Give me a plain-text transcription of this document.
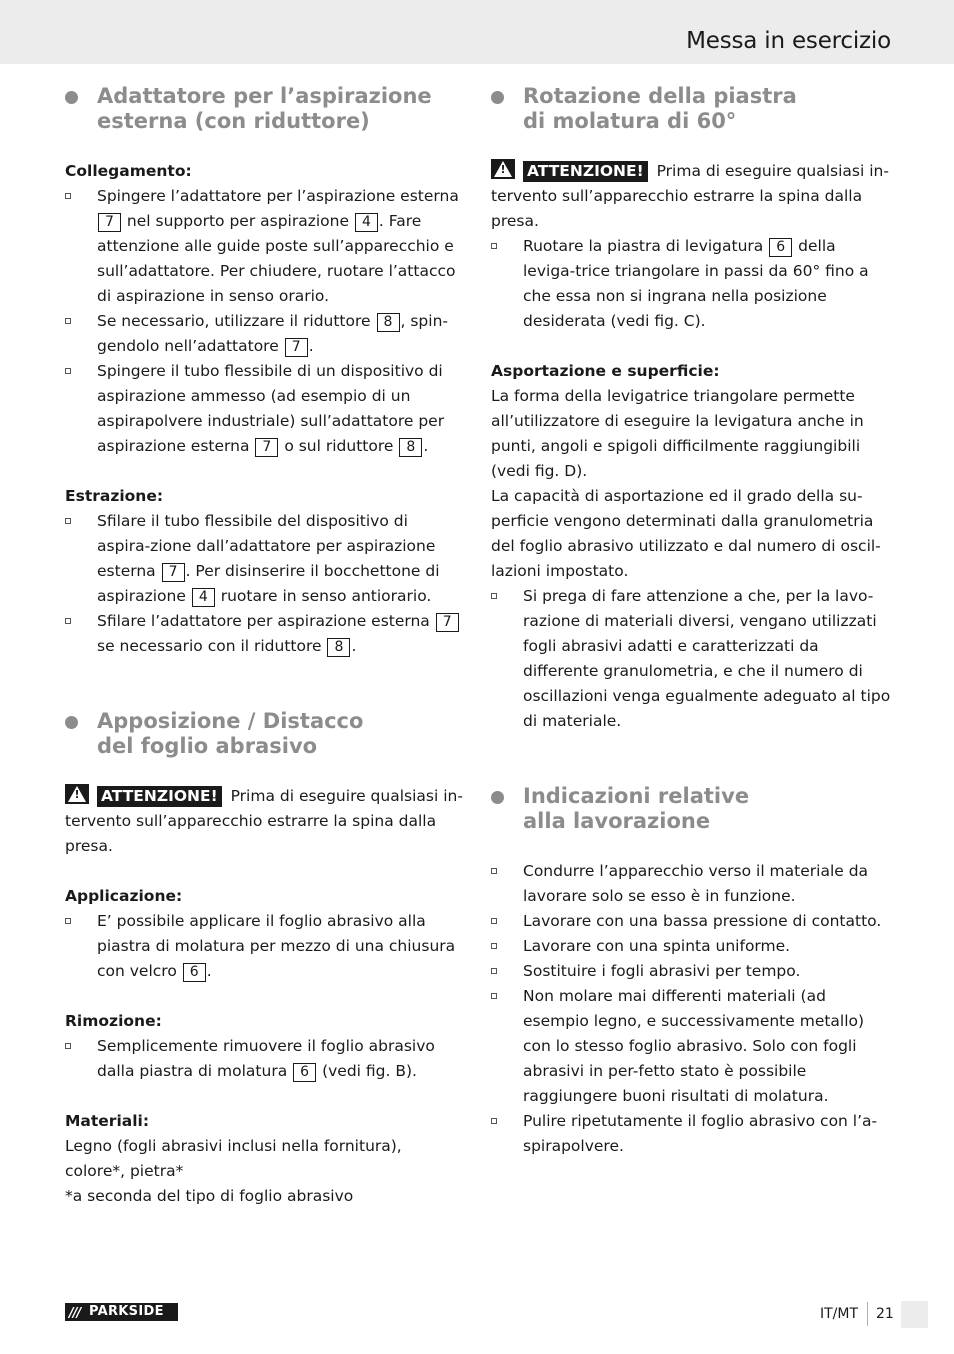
Messa in esercizio
Adattatore per l’aspirazione
esterna (con riduttore)

Collegamento:

Spingere l’adattatore per l’aspirazione esterna 7 nel supporto per aspirazione 4 . Fare attenzione alle guide poste sull’apparecchio e sull’adattatore. Per chiudere, ruotare l’attacco di aspirazione in senso orario.
Se necessario, utilizzare il riduttore 8 , spin-gendolo nell’adattatore 7 .
Spingere il tubo flessibile di un dispositivo di aspirazione ammesso (ad esempio di un aspirapolvere industriale) sull’adattatore per aspirazione esterna 7 o sul riduttore 8 .

Estrazione:

Sfilare il tubo flessibile del dispositivo di aspira-zione dall’adattatore per aspirazione esterna 7 . Per disinserire il bocchettone di aspirazione 4 ruotare in senso antiorario.
Sfilare l’adattatore per aspirazione esterna 7 se necessario con il riduttore 8 .
Apposizione / Distacco
del foglio abrasivo

!ATTENZIONE! Prima di eseguire qualsiasi in-tervento sull’apparecchio estrarre la spina dalla presa.

Applicazione:

E’ possibile applicare il foglio abrasivo alla piastra di molatura per mezzo di una chiusura con velcro 6 .

Rimozione:

Semplicemente rimuovere il foglio abrasivo dalla piastra di molatura 6 (vedi fig. B).

Materiali:

Legno (fogli abrasivi inclusi nella fornitura), colore*, pietra*

*a seconda del tipo di foglio abrasivo

Rotazione della piastra
di molatura di 60°

!ATTENZIONE! Prima di eseguire qualsiasi in-tervento sull’apparecchio estrarre la spina dalla presa.

Ruotare la piastra di levigatura 6 della leviga-trice triangolare in passi da 60° fino a che essa non si ingrana nella posizione desiderata (vedi fig. C).

Asportazione e superficie:

La forma della levigatrice triangolare permette all’utilizzatore di eseguire la levigatura anche in punti, angoli e spigoli difficilmente raggiungibili (vedi fig. D).

La capacità di asportazione ed il grado della su-perficie vengono determinati dalla granulometria del foglio abrasivo utilizzato e dal numero di oscil-lazioni impostato.

Si prega di fare attenzione a che, per la lavo-razione di materiali diversi, vengano utilizzati fogli abrasivi adatti e caratterizzati da differente granulometria, e che il numero di oscillazioni venga egualmente adeguato al tipo di materiale.
Indicazioni relative
alla lavorazione
Condurre l’apparecchio verso il materiale da lavorare solo se esso è in funzione.
Lavorare con una bassa pressione di contatto.
Lavorare con una spinta uniforme.
Sostituire i fogli abrasivi per tempo.
Non molare mai differenti materiali (ad esempio legno, e successivamente metallo) con lo stesso foglio abrasivo. Solo con fogli abrasivi in per-fetto stato è possibile raggiungere buoni risultati di molatura.
Pulire ripetutamente il foglio abrasivo con l’a-spirapolvere.
/// PARKSIDE	IT/MT 21
